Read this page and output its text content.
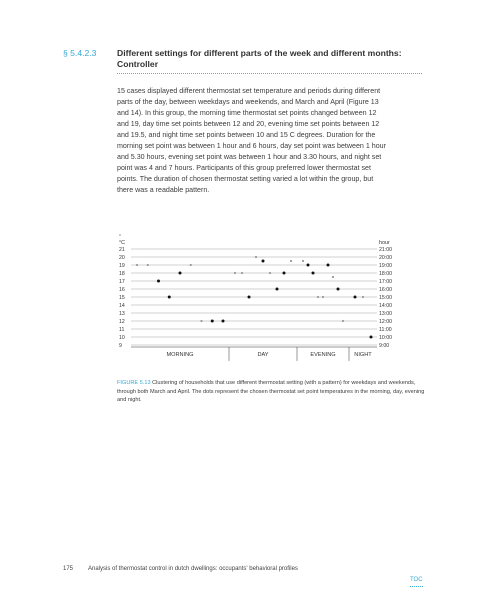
§ 5.4.2.3 Different settings for different parts of the week and different months: Controller
15 cases displayed different thermostat set temperature and periods during different
parts of the day, between weekdays and weekends, and March and April (Figure 13
and 14). In this group, the morning time thermostat set points changed between 12
and 19, day time set points between 12 and 20, evening time set points between 12
and 19.5, and night time set points between 10 and 15 C degrees. Duration for the
morning set point was between 1 hour and 6 hours, day set point was between 1 hour
and 5.30 hours, evening set point was between 1 hour and 3.30 hours, and night set
point was 4 and 7 hours. Participants of this group preferred lower thermostat set
points. The duration of chosen thermostat setting varied a lot within the group, but
there was a readable pattern.
°
°C	hour
21
20
19
18
17
16
15
14
13
12
11
10
9
21:00
20:00
19:00
18:00
17:00
16:00
15:00
14:00
13:00
12:00
11:00
10:00
9:00
MORNING	DAY	EVENING	NIGHT
FIGURE 5.13 Clustering of households that use different thermostat setting (with a pattern) for weekdays and weekends, through both March and April. The dots represent the chosen thermostat set point temperatures in the morning, day, evening and night.
175 Analysis of thermostat control in dutch dwellings: occupants' behavioral profiles
TOC
